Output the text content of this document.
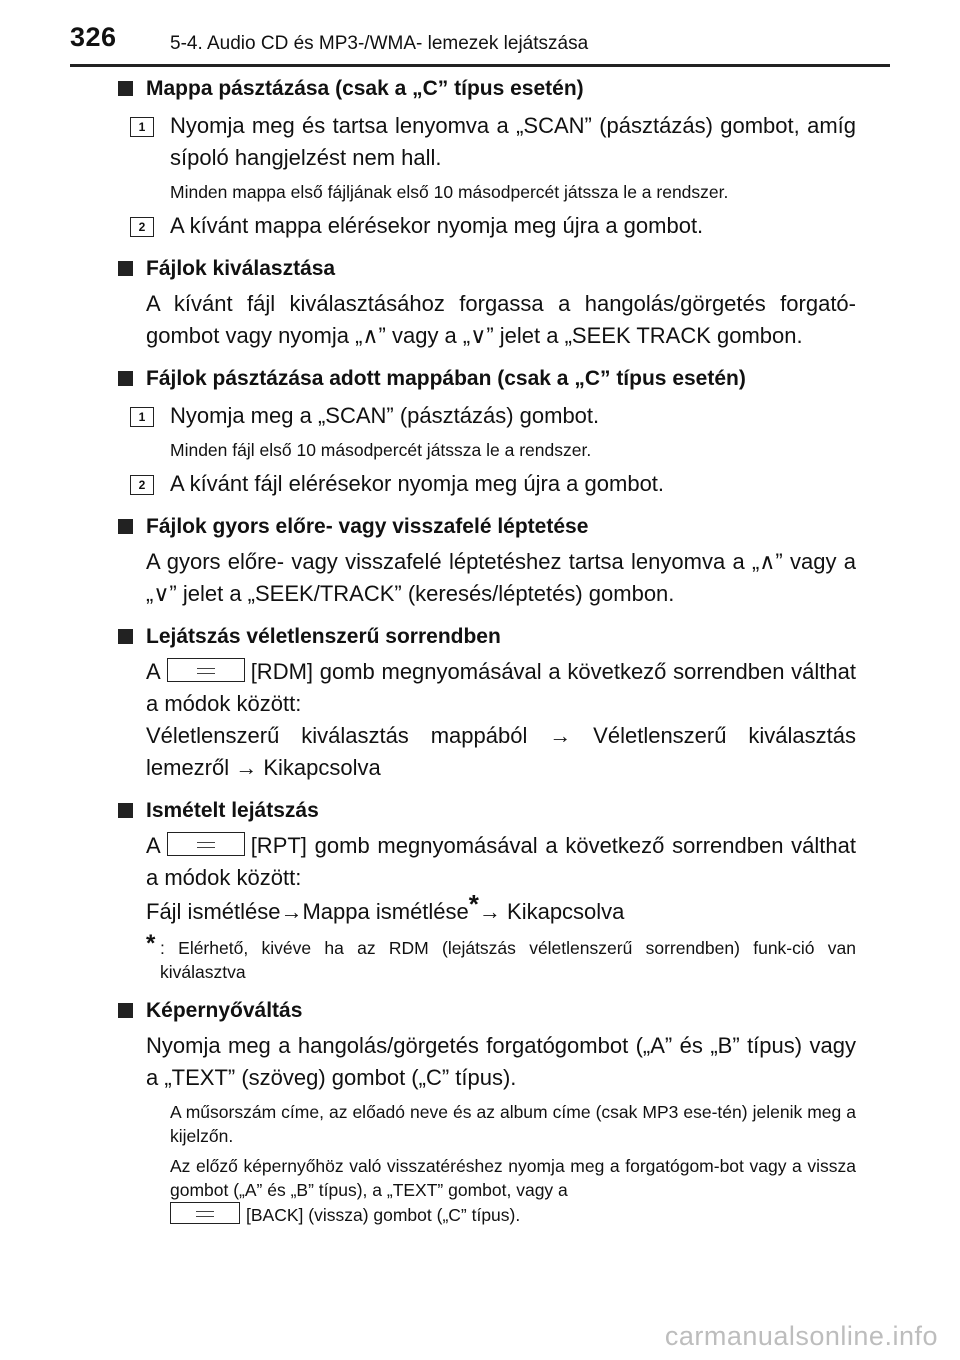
326	5-4. Audio CD és MP3-/WMA- lemezek lejátszása
Mappa pásztázása (csak a „C” típus esetén)
1	Nyomja meg és tartsa lenyomva a „SCAN” (pásztázás) gombot, amíg sípoló hangjelzést nem hall.
Minden mappa első fájljának első 10 másodpercét játssza le a rendszer.
2	A kívánt mappa elérésekor nyomja meg újra a gombot.
Fájlok kiválasztása
A kívánt fájl kiválasztásához forgassa a hangolás/görgetés forgató-gombot vagy nyomja „∧” vagy a „∨” jelet a „SEEK TRACK gombon.
Fájlok pásztázása adott mappában (csak a „C” típus esetén)
1	Nyomja meg a „SCAN” (pásztázás) gombot.
Minden fájl első 10 másodpercét játssza le a rendszer.
2	A kívánt fájl elérésekor nyomja meg újra a gombot.
Fájlok gyors előre- vagy visszafelé léptetése
A gyors előre- vagy visszafelé léptetéshez tartsa lenyomva a „∧” vagy a „∨” jelet a „SEEK/TRACK” (keresés/léptetés) gombon.
Lejátszás véletlenszerű sorrendben
A	[RDM] gomb megnyomásával a következő sorrendben válthat a módok között:
Véletlenszerű kiválasztás mappából → Véletlenszerű kiválasztás lemezről → Kikapcsolva
Ismételt lejátszás
A	[RPT] gomb megnyomásával a következő sorrendben válthat a módok között:
Fájl ismétlése→Mappa ismétlése*→ Kikapcsolva
* : Elérhető, kivéve ha az RDM (lejátszás véletlenszerű sorrendben) funk-ció van kiválasztva
Képernyőváltás
Nyomja meg a hangolás/görgetés forgatógombot („A” és „B” típus) vagy a „TEXT” (szöveg) gombot („C” típus).
A műsorszám címe, az előadó neve és az album címe (csak MP3 ese-tén) jelenik meg a kijelzőn.
Az előző képernyőhöz való visszatéréshez nyomja meg a forgatógom-bot vagy a vissza gombot („A” és „B” típus), a „TEXT” gombot, vagy a

[BACK] (vissza) gombot („C” típus).
carmanualsonline.info
